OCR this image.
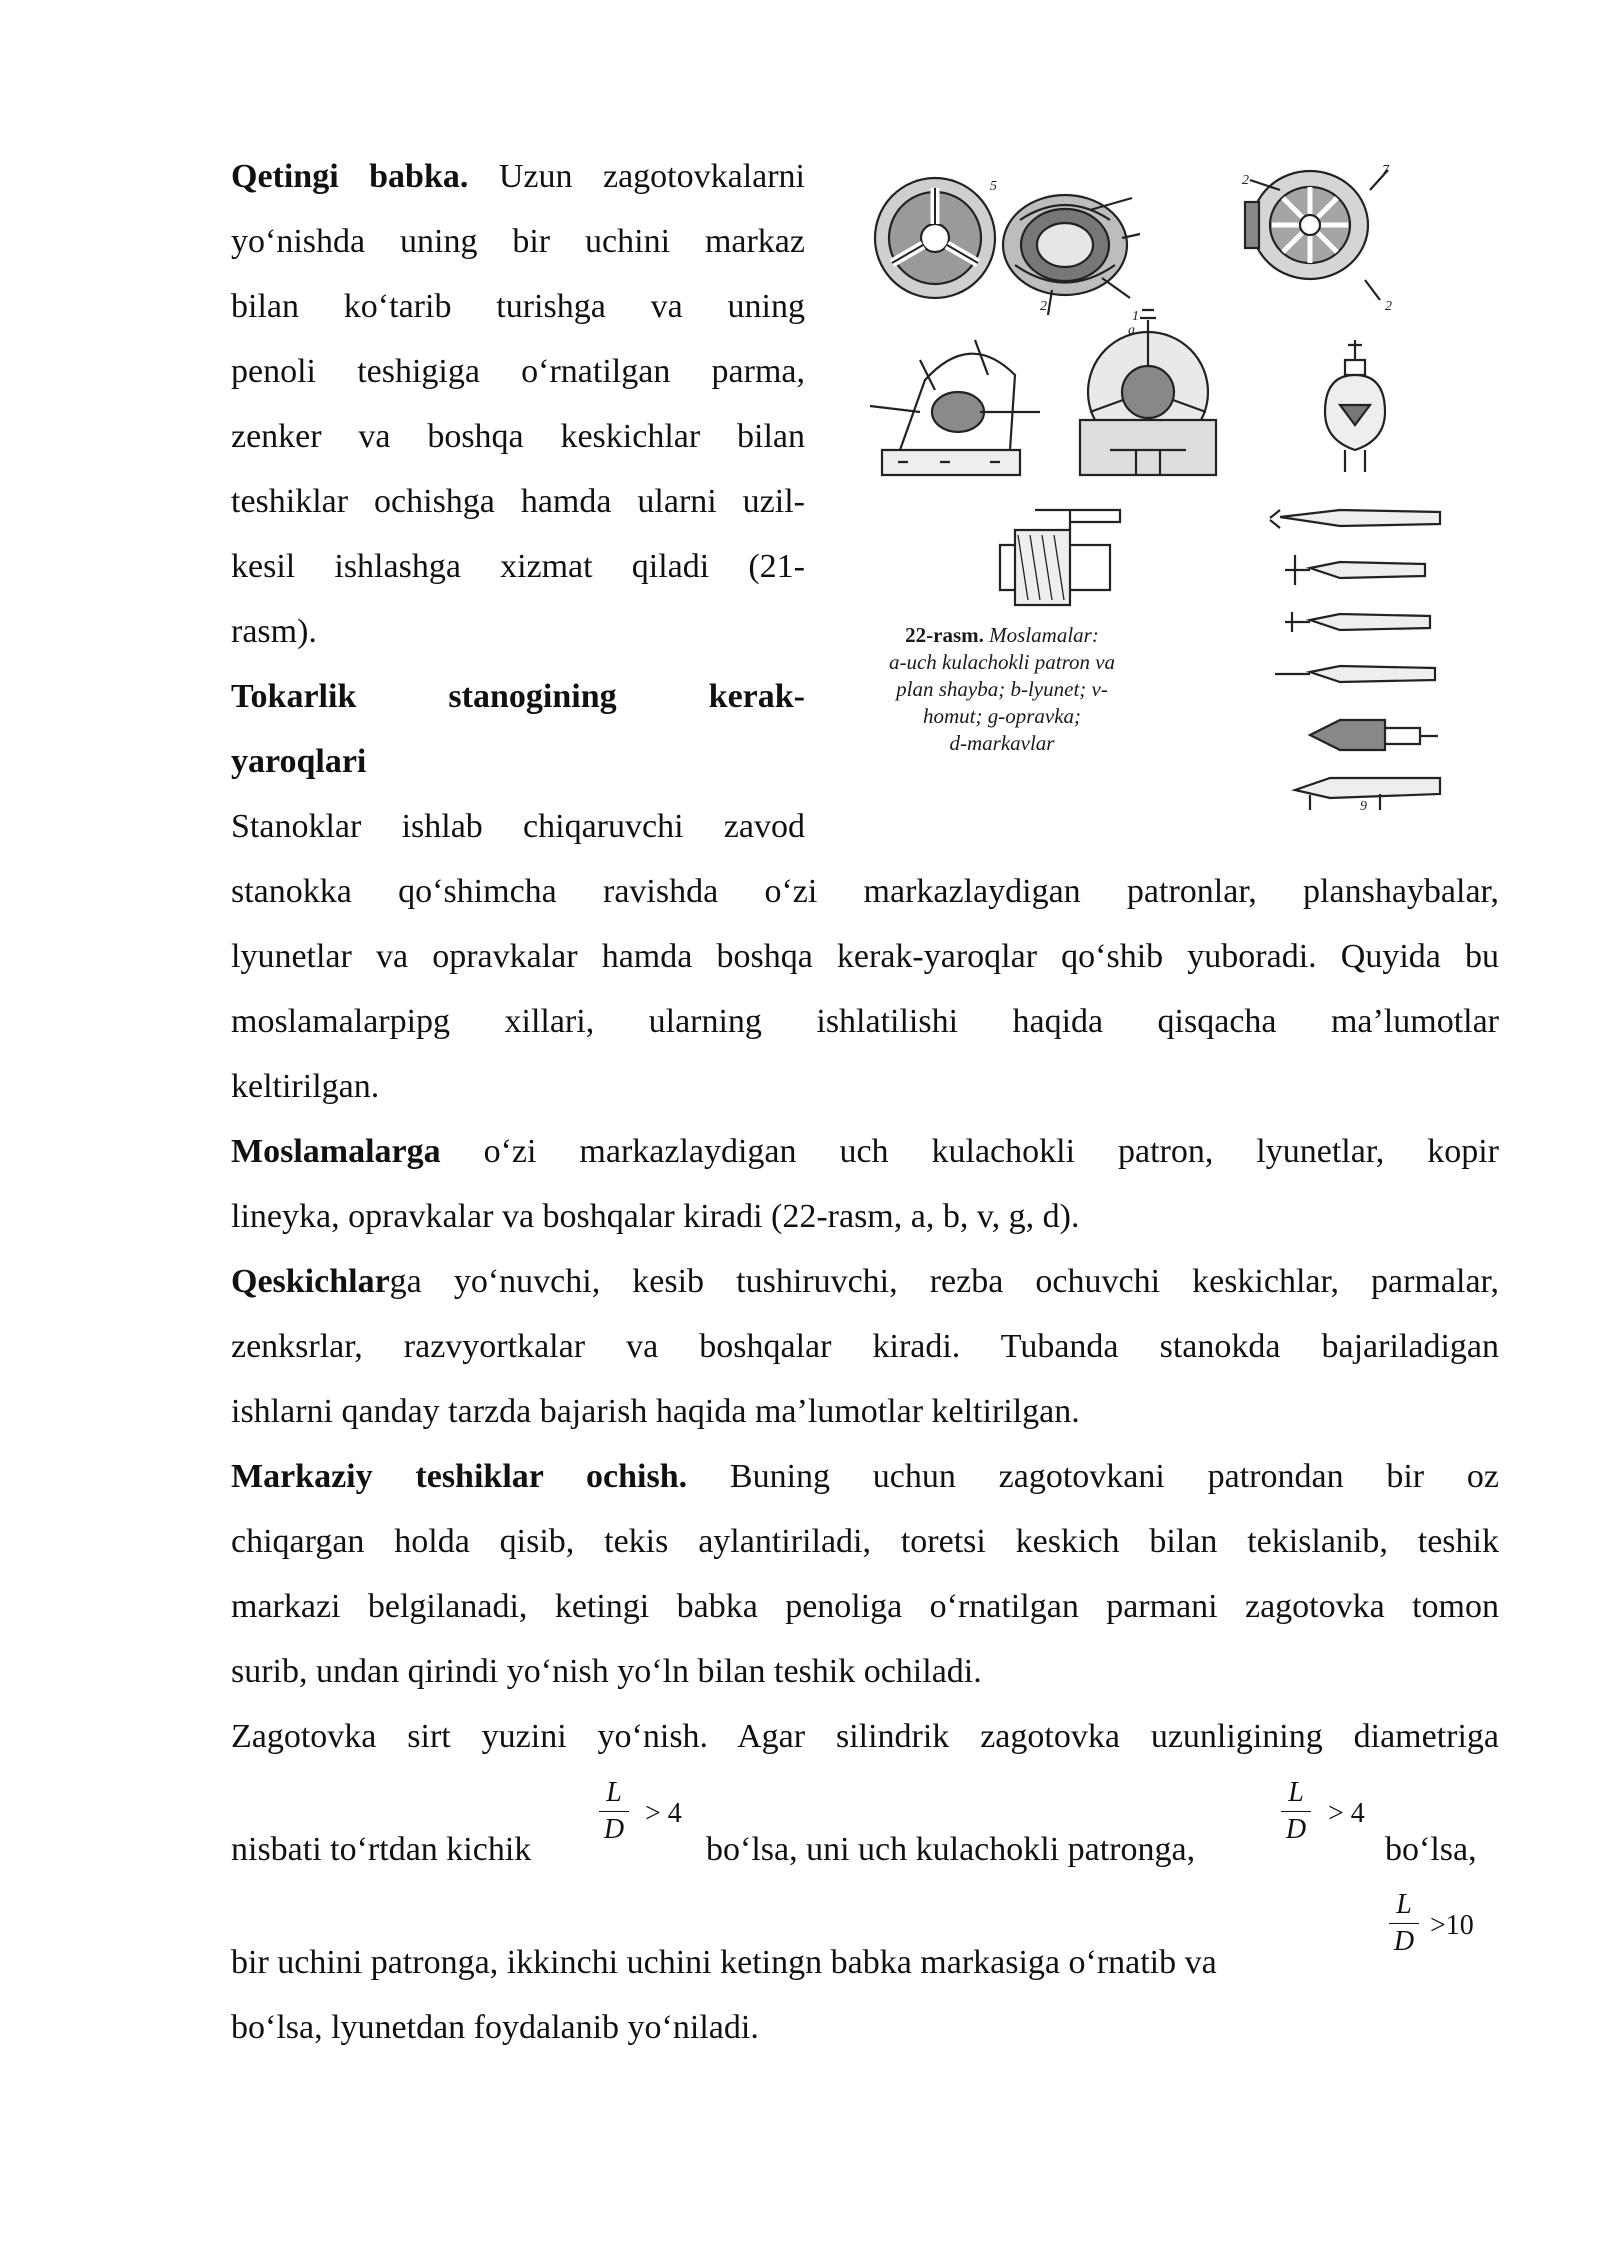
Qetingi babka. Uzun zagotovkalarni
yo‘nishda uning bir uchini markaz
bilan ko‘tarib turishga va uning
penoli teshigiga o‘rnatilgan parma,
zenker va boshqa keskichlar bilan
teshiklar ochishga hamda ularni uzil-
kesil ishlashga xizmat qiladi (21-
rasm).
Tokarlik stanogining kerak-
yaroqlari
Stanoklar ishlab chiqaruvchi zavod
stanokka qo‘shimcha ravishda o‘zi markazlaydigan patronlar, planshaybalar,
lyunetlar va opravkalar hamda boshqa kerak-yaroqlar qo‘shib yuboradi. Quyida bu
moslamalarpipg xillari, ularning ishlatilishi haqida qisqacha ma’lumotlar
keltirilgan.
Moslamalarga o‘zi markazlaydigan uch kulachokli patron, lyunetlar, kopir
lineyka, opravkalar va boshqalar kiradi (22-rasm, a, b, v, g, d).
Qeskichlarga yo‘nuvchi, kesib tushiruvchi, rezba ochuvchi keskichlar, parmalar,
zenksrlar, razvyortkalar va boshqalar kiradi. Tubanda stanokda bajariladigan
ishlarni qanday tarzda bajarish haqida ma’lumotlar keltirilgan.
Markaziy teshiklar ochish. Buning uchun zagotovkani patrondan bir oz
chiqargan holda qisib, tekis aylantiriladi, toretsi keskich bilan tekislanib, teshik
markazi belgilanadi, ketingi babka penoliga o‘rnatilgan parmani zagotovka tomon
surib, undan qirindi yo‘nish yo‘ln bilan teshik ochiladi.
Zagotovka sirt yuzini yo‘nish. Agar silindrik zagotovka uzunligining diametriga
nisbati to‘rtdan kichik
L
D
> 4
bo‘lsa, uni uch kulachokli patronga,
L
D
> 4
bo‘lsa,
bir uchini patronga, ikkinchi uchini ketingn babka markasiga o‘rnatib va
L
D
>10
bo‘lsa, lyunetdan foydalanib yo‘niladi.
5	2
1
2
a
2
7
9
22-rasm. Moslamalar:
a-uch kulachokli patron va
plan shayba; b-lyunet; v-
homut; g-opravka;
d-markavlar
